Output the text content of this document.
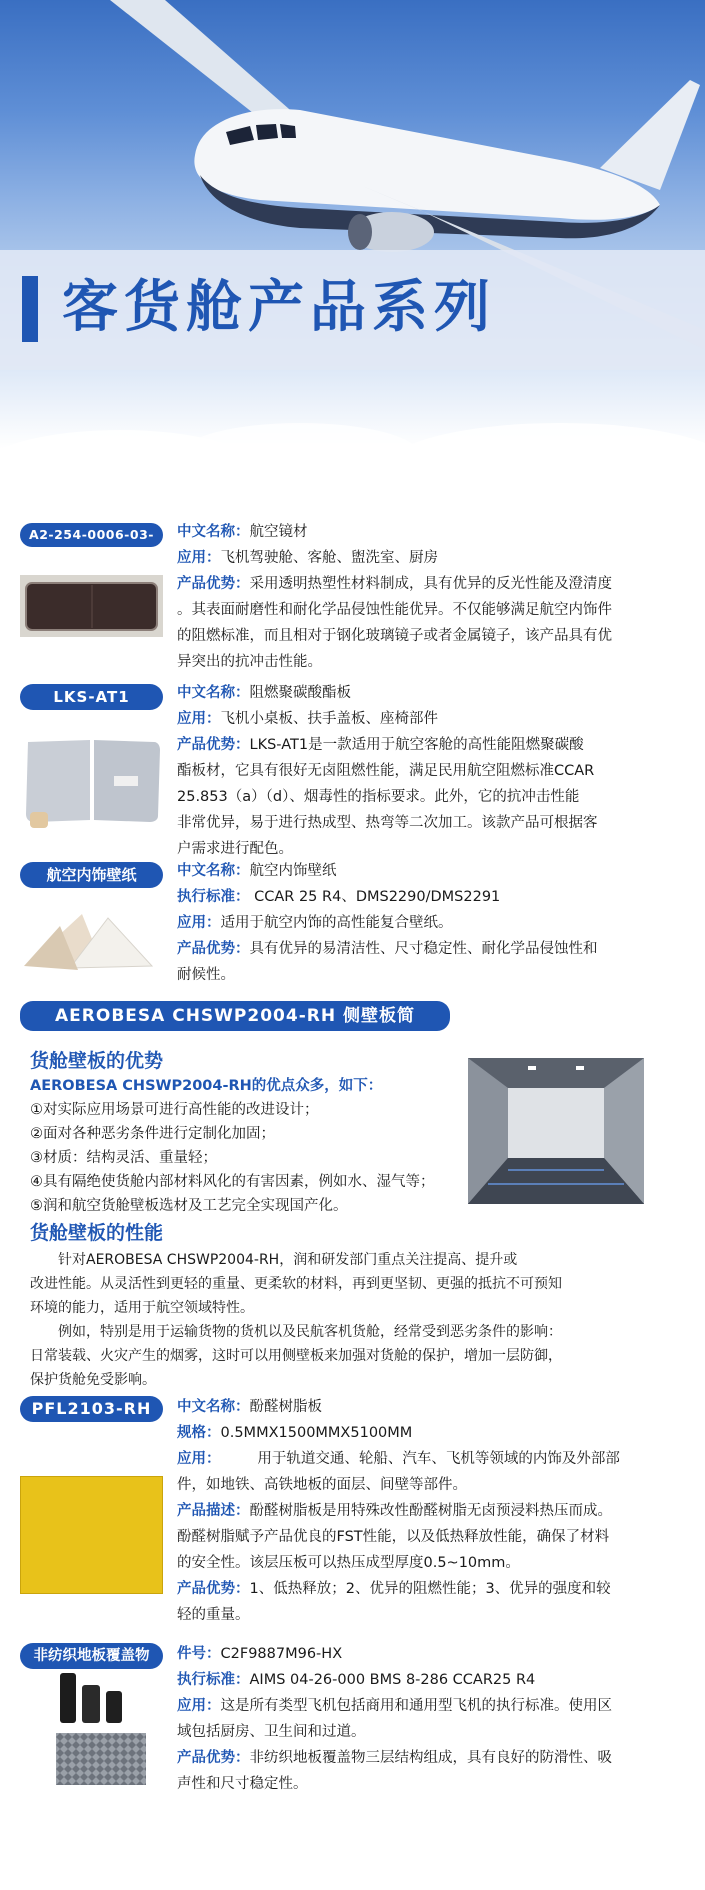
客货舱产品系列
A2-254-0006-03-HX
中文名称：航空镜材
应用：飞机驾驶舱、客舱、盥洗室、厨房
产品优势：采用透明热塑性材料制成，具有优异的反光性能及澄清度
。其表面耐磨性和耐化学品侵蚀性能优异。不仅能够满足航空内饰件
的阻燃标准，而且相对于钢化玻璃镜子或者金属镜子，该产品具有优
异突出的抗冲击性能。
LKS-AT1	中文名称：阻燃聚碳酸酯板
应用：飞机小桌板、扶手盖板、座椅部件
产品优势：LKS-AT1是一款适用于航空客舱的高性能阻燃聚碳酸
酯板材，它具有很好无卤阻燃性能，满足民用航空阻燃标准CCAR
25.853（a）（d）、烟毒性的指标要求。此外，它的抗冲击性能
非常优异，易于进行热成型、热弯等二次加工。该款产品可根据客
户需求进行配色。
航空内饰壁纸	中文名称：航空内饰壁纸
执行标准： CCAR 25 R4、DMS2290/DMS2291
应用：适用于航空内饰的高性能复合壁纸。
产品优势：具有优异的易清洁性、尺寸稳定性、耐化学品侵蚀性和
耐候性。
AEROBESA CHSWP2004-RH 侧壁板简
货舱壁板的优势
AEROBESA CHSWP2004-RH的优点众多，如下：
①对实际应用场景可进行高性能的改进设计；
②面对各种恶劣条件进行定制化加固；
③材质：结构灵活、重量轻；
④具有隔绝使货舱内部材料风化的有害因素，例如水、湿气等；
⑤润和航空货舱壁板选材及工艺完全实现国产化。
货舱壁板的性能
针对AEROBESA CHSWP2004-RH，润和研发部门重点关注提高、提升或
改进性能。从灵活性到更轻的重量、更柔软的材料，再到更坚韧、更强的抵抗不可预知
环境的能力，适用于航空领域特性。
例如，特别是用于运输货物的货机以及民航客机货舱，经常受到恶劣条件的影响：
日常装载、火灾产生的烟雾，这时可以用侧壁板来加强对货舱的保护，增加一层防御，
保护货舱免受影响。
PFL2103-RH 中文名称：酚醛树脂板
规格：0.5MMX1500MMX5100MM
应用：        用于轨道交通、轮船、汽车、飞机等领域的内饰及外部部
件，如地铁、高铁地板的面层、间壁等部件。
产品描述：酚醛树脂板是用特殊改性酚醛树脂无卤预浸料热压而成。
酚醛树脂赋予产品优良的FST性能，以及低热释放性能，确保了材料
的安全性。该层压板可以热压成型厚度0.5~10mm。
产品优势：1、低热释放；2、优异的阻燃性能；3、优异的强度和较
轻的重量。
非纺织地板覆盖物 件号：C2F9887M96-HX
执行标准：AIMS 04-26-000 BMS 8-286 CCAR25 R4
应用：这是所有类型飞机包括商用和通用型飞机的执行标准。使用区
域包括厨房、卫生间和过道。
产品优势：非纺织地板覆盖物三层结构组成，具有良好的防滑性、吸
声性和尺寸稳定性。
